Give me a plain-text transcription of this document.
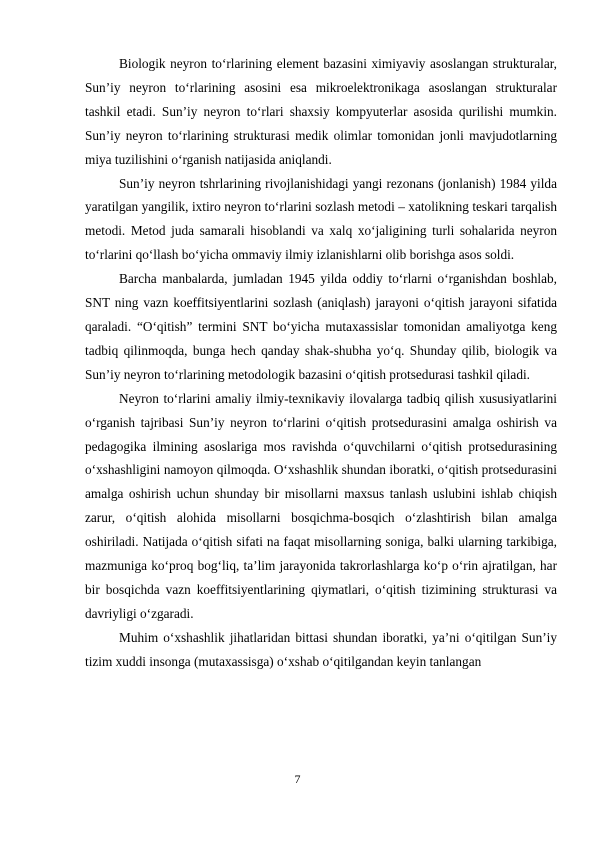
Biologik neyron to‘rlarining element bazasini ximiyaviy asoslangan strukturalar, Sun’iy neyron to‘rlarining asosini esa mikroelektronikaga asoslangan strukturalar tashkil etadi. Sun’iy neyron to‘rlari shaxsiy kompyuterlar asosida qurilishi mumkin. Sun’iy neyron to‘rlarining strukturasi medik olimlar tomonidan jonli mavjudotlarning miya tuzilishini o‘rganish natijasida aniqlandi.

Sun’iy neyron tshrlarining rivojlanishidagi yangi rezonans (jonlanish) 1984 yilda yaratilgan yangilik, ixtiro neyron to‘rlarini sozlash metodi – xatolikning teskari tarqalish metodi. Metod juda samarali hisoblandi va xalq xo‘jaligining turli sohalarida neyron to‘rlarini qo‘llash bo‘yicha ommaviy ilmiy izlanishlarni olib borishga asos soldi.

Barcha manbalarda, jumladan 1945 yilda oddiy to‘rlarni o‘rganishdan boshlab, SNT ning vazn koeffitsiyentlarini sozlash (aniqlash) jarayoni o‘qitish jarayoni sifatida qaraladi. “O‘qitish” termini SNT bo‘yicha mutaxassislar tomonidan amaliyotga keng tadbiq qilinmoqda, bunga hech qanday shak-shubha yo‘q. Shunday qilib, biologik va Sun’iy neyron to‘rlarining metodologik bazasini o‘qitish protsedurasi tashkil qiladi.

Neyron to‘rlarini amaliy ilmiy-texnikaviy ilovalarga tadbiq qilish xususiyatlarini o‘rganish tajribasi Sun’iy neyron to‘rlarini o‘qitish protsedurasini amalga oshirish va pedagogika ilmining asoslariga mos ravishda o‘quvchilarni o‘qitish protsedurasining o‘xshashligini namoyon qilmoqda. O‘xshashlik shundan iboratki, o‘qitish protsedurasini amalga oshirish uchun shunday bir misollarni maxsus tanlash uslubini ishlab chiqish zarur, o‘qitish alohida misollarni bosqichma-bosqich o‘zlashtirish bilan amalga oshiriladi. Natijada o‘qitish sifati na faqat misollarning soniga, balki ularning tarkibiga, mazmuniga ko‘proq bog‘liq, ta’lim jarayonida takrorlashlarga ko‘p o‘rin ajratilgan, har bir bosqichda vazn koeffitsiyentlarining qiymatlari, o‘qitish tizimining strukturasi va davriyligi o‘zgaradi.

Muhim o‘xshashlik jihatlaridan bittasi shundan iboratki, ya’ni o‘qitilgan Sun’iy tizim xuddi insonga (mutaxassisga) o‘xshab o‘qitilgandan keyin tanlangan

7
